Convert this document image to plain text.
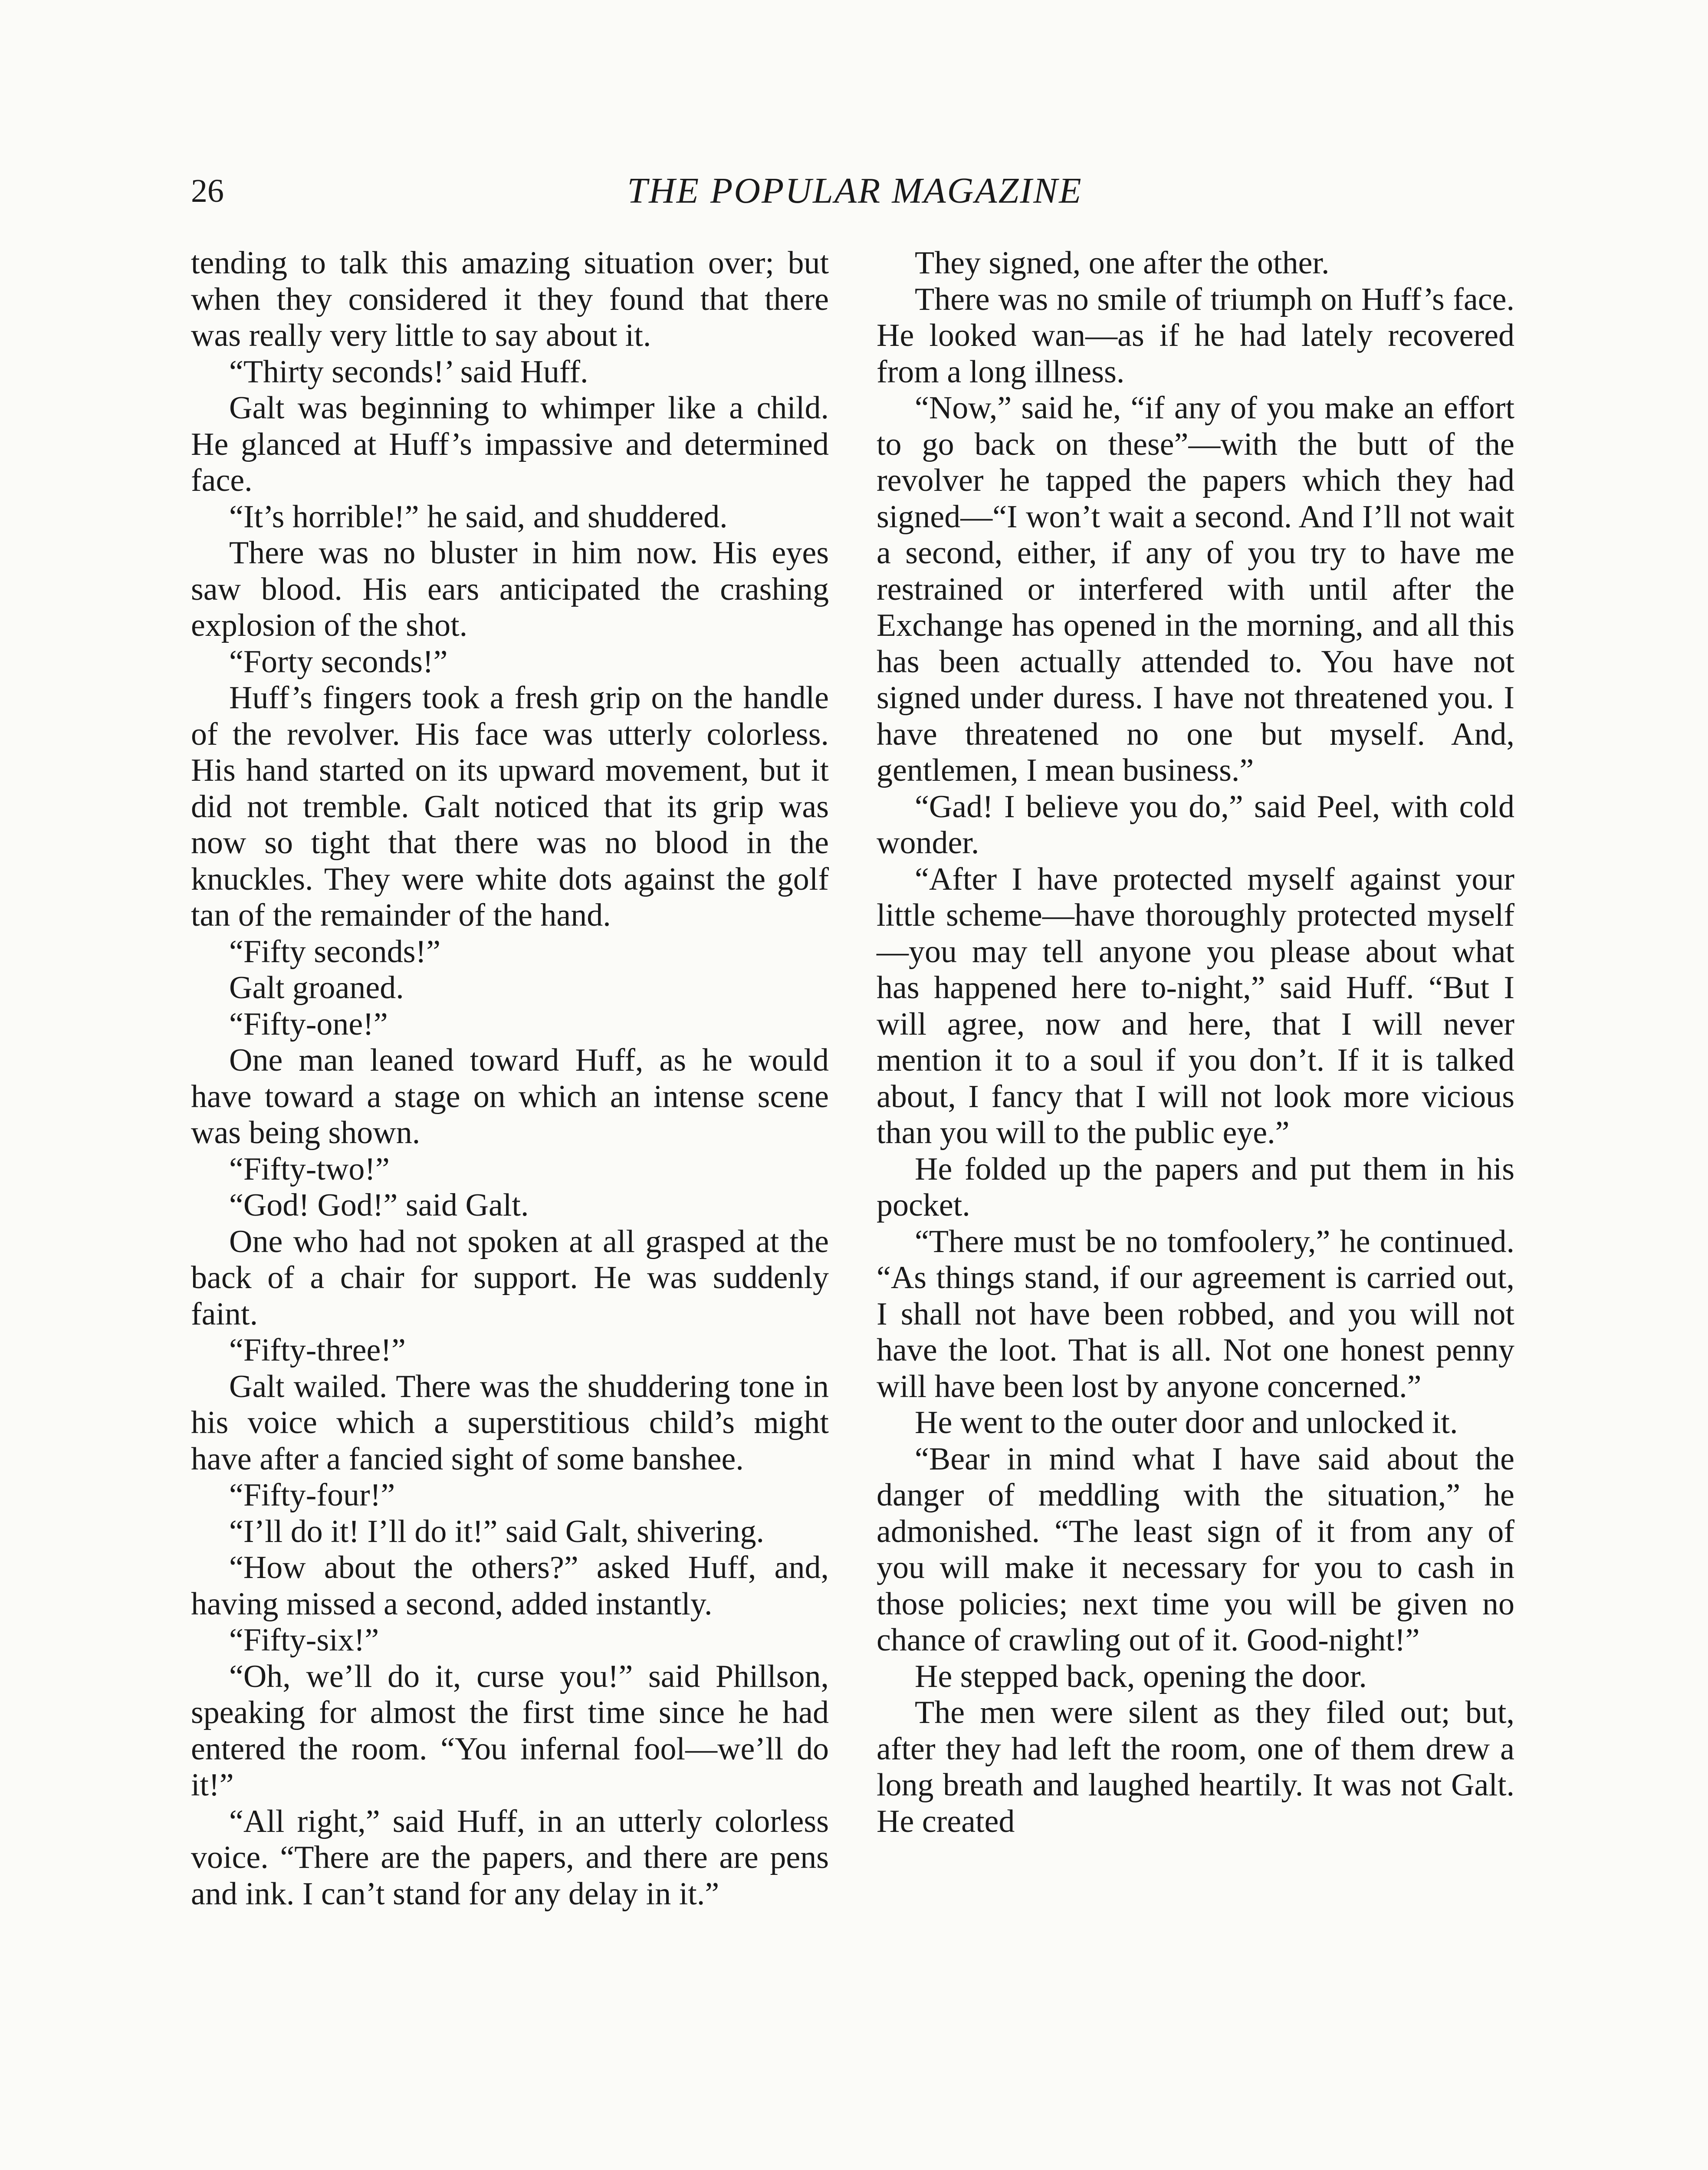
26	THE POPULAR MAGAZINE

tending to talk this amazing situation over; but when they considered it they found that there was really very little to say about it.

“Thirty seconds!’ said Huff.

Galt was beginning to whimper like a child. He glanced at Huff’s impassive and determined face.

“It’s horrible!” he said, and shuddered.

There was no bluster in him now. His eyes saw blood. His ears anticipated the crashing explosion of the shot.

“Forty seconds!”

Huff’s fingers took a fresh grip on the handle of the revolver. His face was utterly colorless. His hand started on its upward movement, but it did not tremble. Galt noticed that its grip was now so tight that there was no blood in the knuckles. They were white dots against the golf tan of the remainder of the hand.

“Fifty seconds!”

Galt groaned.

“Fifty-one!”

One man leaned toward Huff, as he would have toward a stage on which an intense scene was being shown.

“Fifty-two!”

“God! God!” said Galt.

One who had not spoken at all grasped at the back of a chair for support. He was suddenly faint.

“Fifty-three!”

Galt wailed. There was the shuddering tone in his voice which a superstitious child’s might have after a fancied sight of some banshee.

“Fifty-four!”

“I’ll do it! I’ll do it!” said Galt, shivering.

“How about the others?” asked Huff, and, having missed a second, added instantly.

“Fifty-six!”

“Oh, we’ll do it, curse you!” said Phillson, speaking for almost the first time since he had entered the room. “You infernal fool—we’ll do it!”

“All right,” said Huff, in an utterly colorless voice. “There are the papers, and there are pens and ink. I can’t stand for any delay in it.”

They signed, one after the other.

There was no smile of triumph on Huff’s face. He looked wan—as if he had lately recovered from a long illness.

“Now,” said he, “if any of you make an effort to go back on these”—with the butt of the revolver he tapped the papers which they had signed—“I won’t wait a second. And I’ll not wait a second, either, if any of you try to have me restrained or interfered with until after the Exchange has opened in the morning, and all this has been actually attended to. You have not signed under duress. I have not threatened you. I have threatened no one but myself. And, gentlemen, I mean business.”

“Gad! I believe you do,” said Peel, with cold wonder.

“After I have protected myself against your little scheme—have thoroughly protected myself—you may tell anyone you please about what has happened here to-night,” said Huff. “But I will agree, now and here, that I will never mention it to a soul if you don’t. If it is talked about, I fancy that I will not look more vicious than you will to the public eye.”

He folded up the papers and put them in his pocket.

“There must be no tomfoolery,” he continued. “As things stand, if our agreement is carried out, I shall not have been robbed, and you will not have the loot. That is all. Not one honest penny will have been lost by anyone concerned.”

He went to the outer door and unlocked it.

“Bear in mind what I have said about the danger of meddling with the situation,” he admonished. “The least sign of it from any of you will make it necessary for you to cash in those policies; next time you will be given no chance of crawling out of it. Good-night!”

He stepped back, opening the door.

The men were silent as they filed out; but, after they had left the room, one of them drew a long breath and laughed heartily. It was not Galt. He created
